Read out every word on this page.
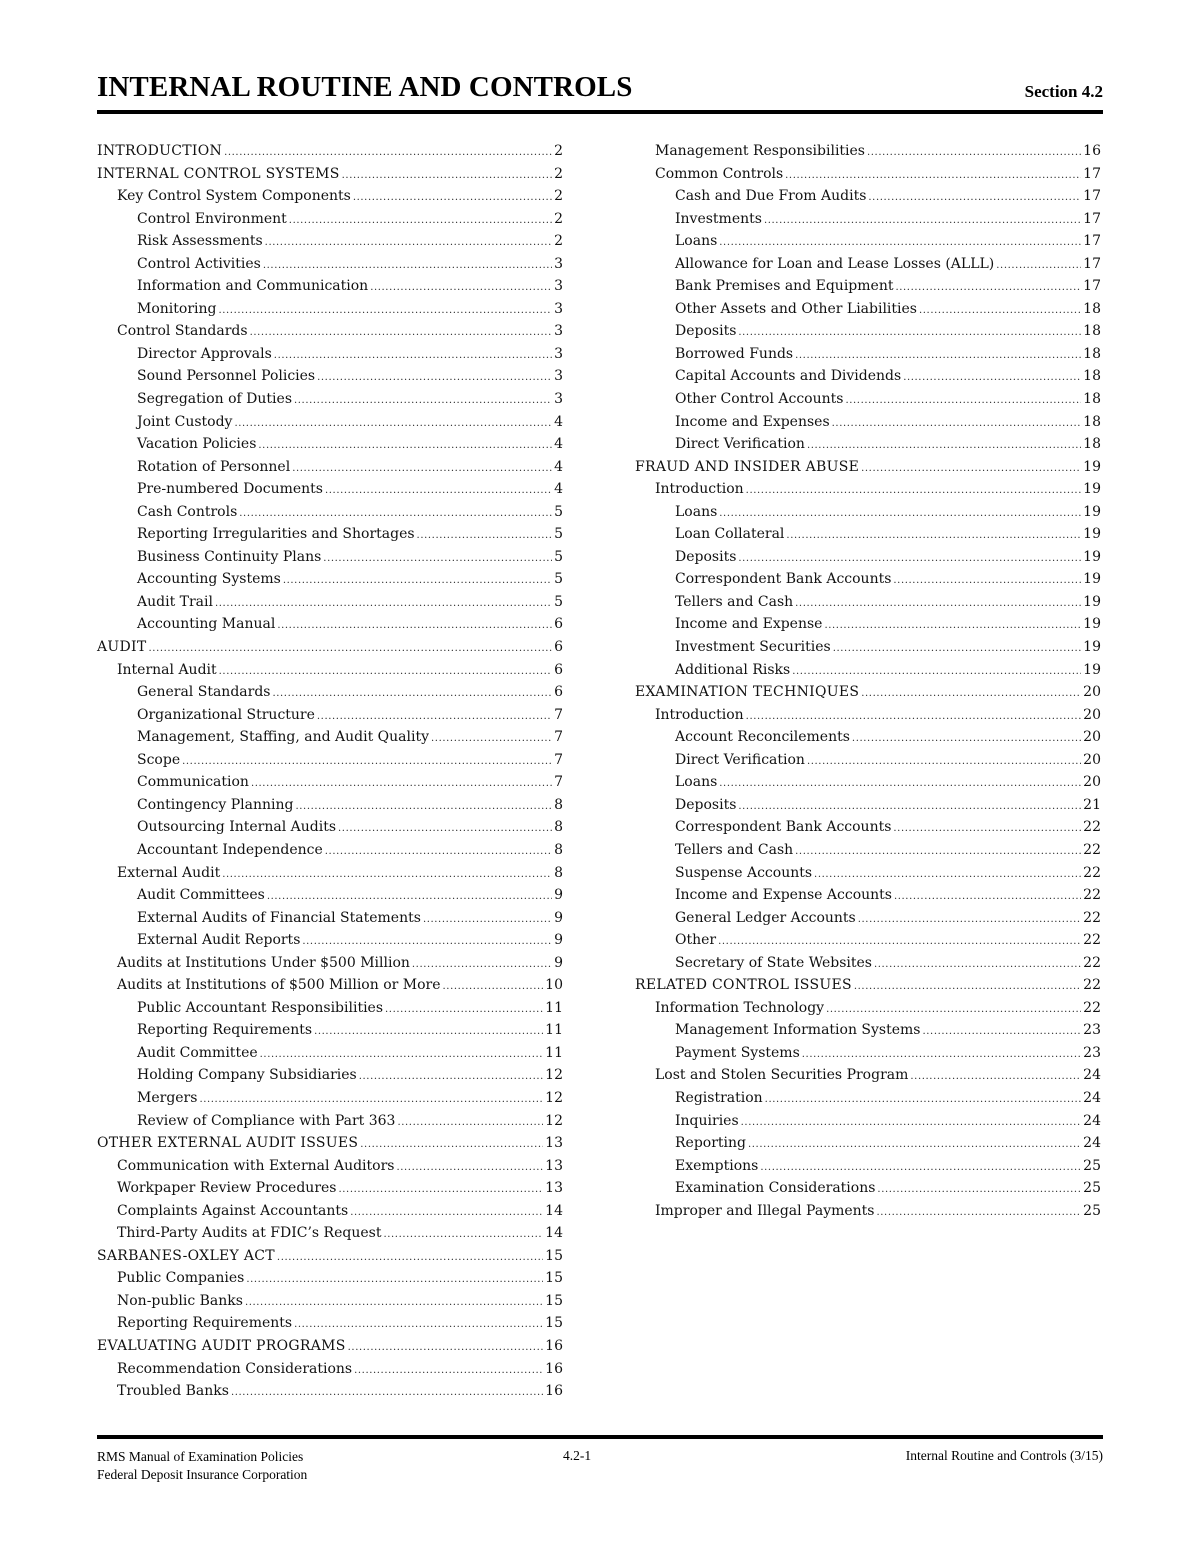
INTERNAL ROUTINE AND CONTROLS	Section 4.2
INTRODUCTION .....	2
INTERNAL CONTROL SYSTEMS .....	2
Key Control System Components .....	2
Control Environment .....	2
Risk Assessments .....	2
Control Activities .....	3
Information and Communication .....	3
Monitoring .....	3
Control Standards .....	3
Director Approvals .....	3
Sound Personnel Policies .....	3
Segregation of Duties .....	3
Joint Custody .....	4
Vacation Policies .....	4
Rotation of Personnel .....	4
Pre-numbered Documents .....	4
Cash Controls .....	5
Reporting Irregularities and Shortages .....	5
Business Continuity Plans .....	5
Accounting Systems .....	5
Audit Trail .....	5
Accounting Manual .....	6
AUDIT .....	6
Internal Audit .....	6
General Standards .....	6
Organizational Structure .....	7
Management, Staffing, and Audit Quality .....	7
Scope .....	7
Communication .....	7
Contingency Planning .....	8
Outsourcing Internal Audits .....	8
Accountant Independence .....	8
External Audit .....	8
Audit Committees .....	9
External Audits of Financial Statements .....	9
External Audit Reports .....	9
Audits at Institutions Under $500 Million .....	9
Audits at Institutions of $500 Million or More .....	10
Public Accountant Responsibilities .....	11
Reporting Requirements .....	11
Audit Committee .....	11
Holding Company Subsidiaries .....	12
Mergers .....	12
Review of Compliance with Part 363 .....	12
OTHER EXTERNAL AUDIT ISSUES .....	13
Communication with External Auditors .....	13
Workpaper Review Procedures .....	13
Complaints Against Accountants .....	14
Third-Party Audits at FDIC’s Request .....	14
SARBANES-OXLEY ACT .....	15
Public Companies .....	15
Non-public Banks .....	15
Reporting Requirements .....	15
EVALUATING AUDIT PROGRAMS .....	16
Recommendation Considerations .....	16
Troubled Banks .....	16
Management Responsibilities .....	16
Common Controls .....	17
Cash and Due From Audits .....	17
Investments .....	17
Loans .....	17
Allowance for Loan and Lease Losses (ALLL) .....	17
Bank Premises and Equipment .....	17
Other Assets and Other Liabilities .....	18
Deposits .....	18
Borrowed Funds .....	18
Capital Accounts and Dividends .....	18
Other Control Accounts .....	18
Income and Expenses .....	18
Direct Verification .....	18
FRAUD AND INSIDER ABUSE .....	19
Introduction .....	19
Loans .....	19
Loan Collateral .....	19
Deposits .....	19
Correspondent Bank Accounts .....	19
Tellers and Cash .....	19
Income and Expense .....	19
Investment Securities .....	19
Additional Risks .....	19
EXAMINATION TECHNIQUES .....	20
Introduction .....	20
Account Reconcilements .....	20
Direct Verification .....	20
Loans .....	20
Deposits .....	21
Correspondent Bank Accounts .....	22
Tellers and Cash .....	22
Suspense Accounts .....	22
Income and Expense Accounts .....	22
General Ledger Accounts .....	22
Other .....	22
Secretary of State Websites .....	22
RELATED CONTROL ISSUES .....	22
Information Technology .....	22
Management Information Systems .....	23
Payment Systems .....	23
Lost and Stolen Securities Program .....	24
Registration .....	24
Inquiries .....	24
Reporting .....	24
Exemptions .....	25
Examination Considerations .....	25
Improper and Illegal Payments .....	25
RMS Manual of Examination Policies
Federal Deposit Insurance Corporation
4.2-1	Internal Routine and Controls (3/15)
